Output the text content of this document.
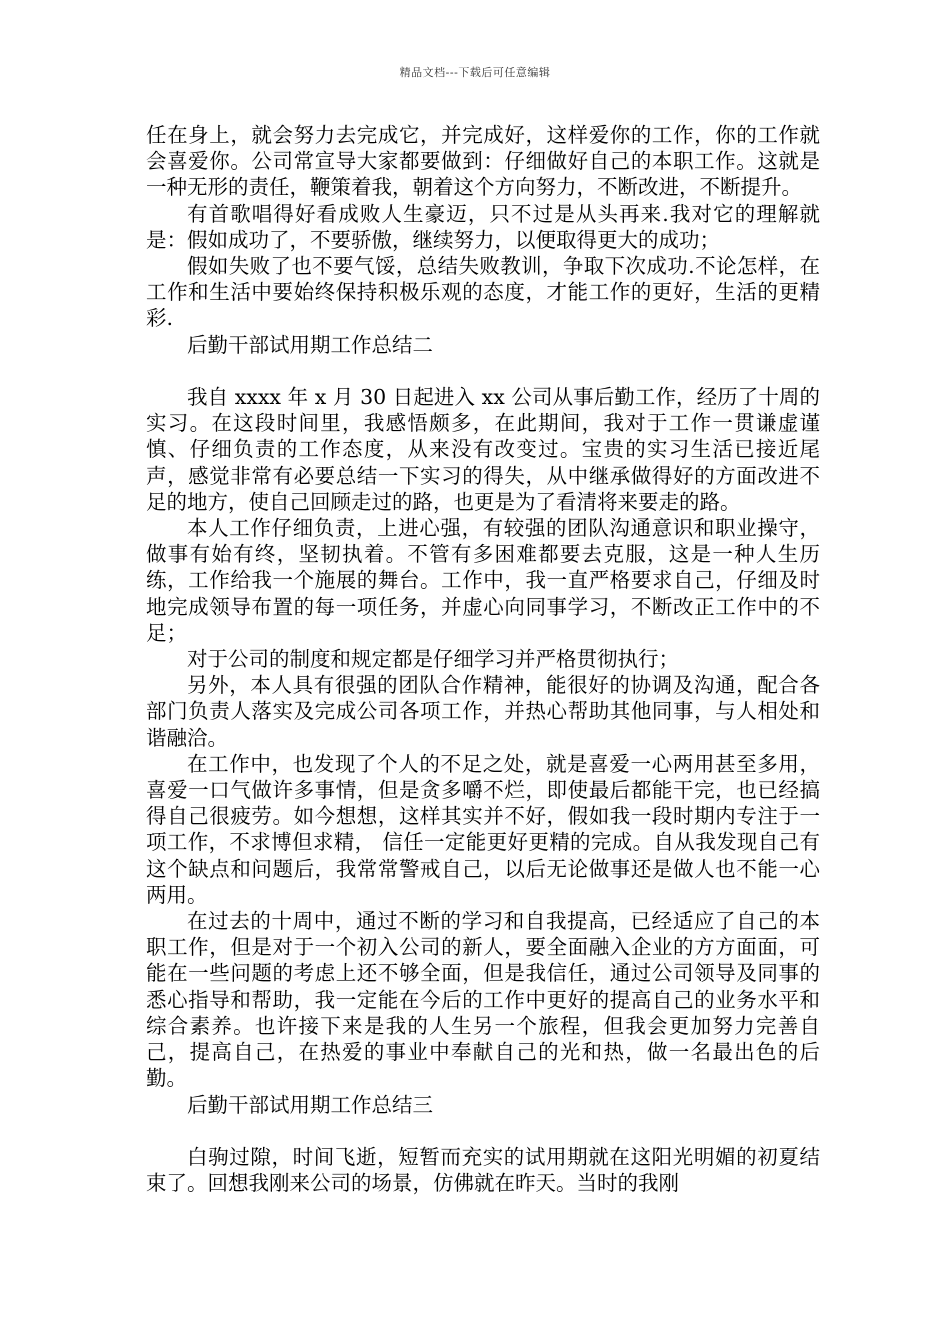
精品文档---下载后可任意编辑

任在身上，就会努力去完成它，并完成好，这样爱你的工作，你的工作就会喜爱你。公司常宣导大家都要做到：仔细做好自己的本职工作。这就是一种无形的责任，鞭策着我，朝着这个方向努力，不断改进，不断提升。

有首歌唱得好看成败人生豪迈，只不过是从头再来.我对它的理解就是：假如成功了，不要骄傲，继续努力，以便取得更大的成功；

假如失败了也不要气馁，总结失败教训，争取下次成功.不论怎样，在工作和生活中要始终保持积极乐观的态度，才能工作的更好，生活的更精彩.

后勤干部试用期工作总结二

我自 xxxx 年 x 月 30 日起进入 xx 公司从事后勤工作，经历了十周的实习。在这段时间里，我感悟颇多，在此期间，我对于工作一贯谦虚谨慎、仔细负责的工作态度，从来没有改变过。宝贵的实习生活已接近尾声，感觉非常有必要总结一下实习的得失，从中继承做得好的方面改进不足的地方，使自己回顾走过的路，也更是为了看清将来要走的路。

本人工作仔细负责，上进心强，有较强的团队沟通意识和职业操守，做事有始有终，坚韧执着。不管有多困难都要去克服，这是一种人生历练，工作给我一个施展的舞台。工作中，我一直严格要求自己，仔细及时地完成领导布置的每一项任务，并虚心向同事学习，不断改正工作中的不足；

对于公司的制度和规定都是仔细学习并严格贯彻执行；

另外，本人具有很强的团队合作精神，能很好的协调及沟通，配合各部门负责人落实及完成公司各项工作，并热心帮助其他同事，与人相处和谐融洽。

在工作中，也发现了个人的不足之处，就是喜爱一心两用甚至多用，喜爱一口气做许多事情，但是贪多嚼不烂，即使最后都能干完，也已经搞得自己很疲劳。如今想想，这样其实并不好，假如我一段时期内专注于一项工作，不求博但求精， 信任一定能更好更精的完成。自从我发现自己有这个缺点和问题后，我常常警戒自己，以后无论做事还是做人也不能一心两用。

在过去的十周中，通过不断的学习和自我提高，已经适应了自己的本职工作，但是对于一个初入公司的新人，要全面融入企业的方方面面，可能在一些问题的考虑上还不够全面，但是我信任，通过公司领导及同事的悉心指导和帮助，我一定能在今后的工作中更好的提高自己的业务水平和综合素养。也许接下来是我的人生另一个旅程，但我会更加努力完善自己，提高自己，在热爱的事业中奉献自己的光和热，做一名最出色的后勤。

后勤干部试用期工作总结三

白驹过隙，时间飞逝，短暂而充实的试用期就在这阳光明媚的初夏结束了。回想我刚来公司的场景，仿佛就在昨天。当时的我刚
